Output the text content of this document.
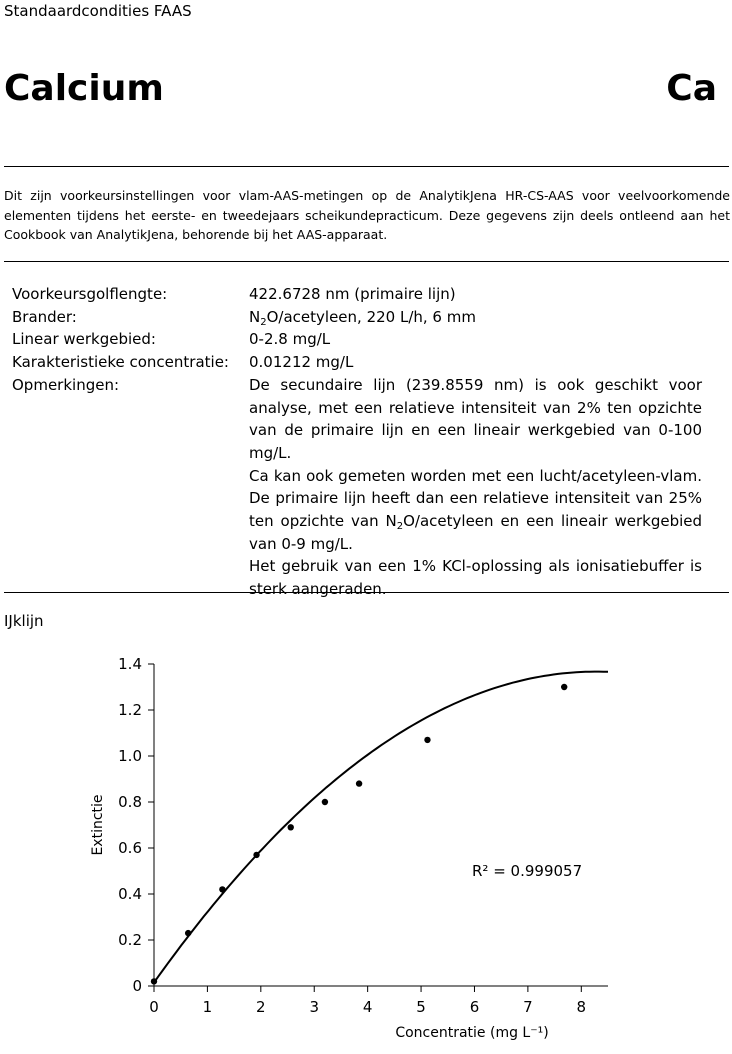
Standaardcondities FAAS
Calcium	Ca
Dit zijn voorkeursinstellingen voor vlam-AAS-metingen op de AnalytikJena HR-CS-AAS voor veelvoorkomende elementen tijdens het eerste- en tweedejaars scheikundepracticum. Deze gegevens zijn deels ontleend aan het Cookbook van AnalytikJena, behorende bij het AAS-apparaat.
Voorkeursgolflengte:	422.6728 nm (primaire lijn)
Brander:	$N_2O$/acetyleen, 220 L/h, 6 mm
Linear werkgebied:	0-2.8 mg/L
Karakteristieke concentratie:	0.01212 mg/L
Opmerkingen:	De secundaire lijn (239.8559 nm) is ook geschikt voor analyse, met een relatieve intensiteit van 2% ten opzichte van de primaire lijn en een lineair werkgebied van 0-100 mg/L.

Ca kan ook gemeten worden met een lucht/acetyleen-vlam. De primaire lijn heeft dan een relatieve intensiteit van 25% ten opzichte van $N_2O$/acetyleen en een lineair werkgebied van 0-9 mg/L.

Het gebruik van een 1% KCl-oplossing als ionisatiebuffer is sterk aangeraden.

IJklijn
0	1	2	3	4	5	6	7	8
0
0.2
0.4
0.6
0.8
1.0
1.2
1.4
R² = 0.999057
Concentratie (mg L⁻¹)
Extinctie
